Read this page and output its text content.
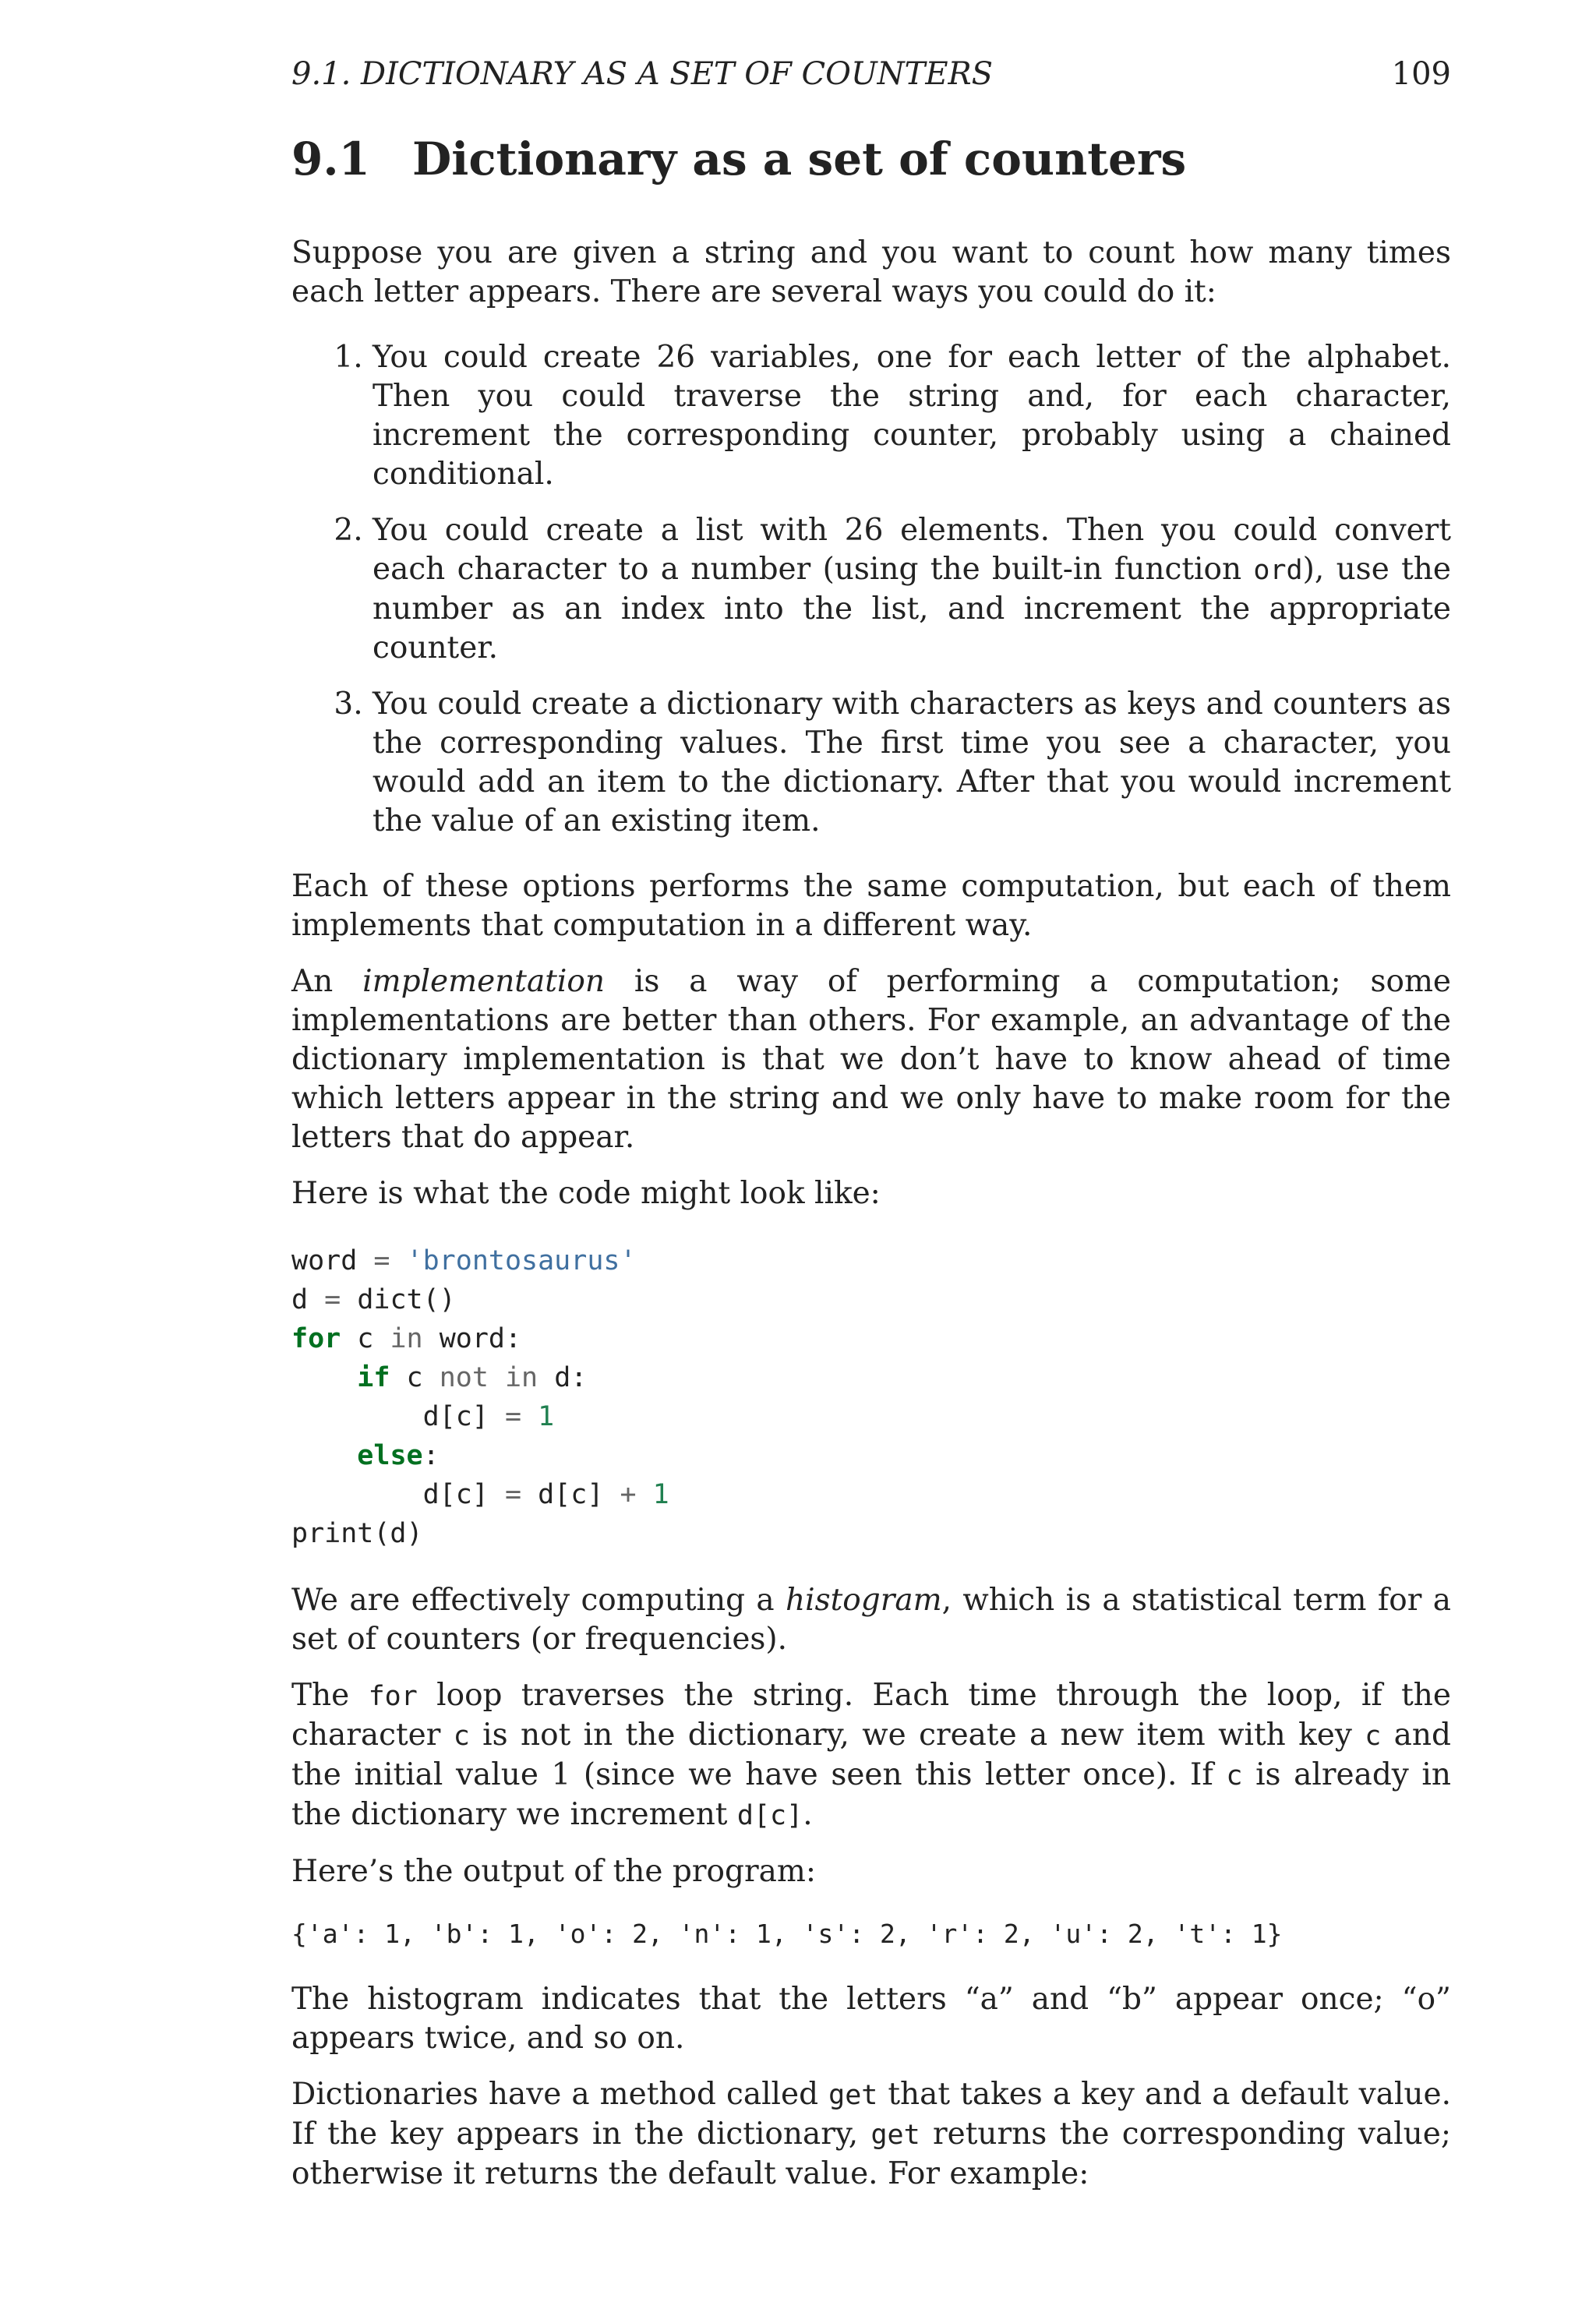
9.1. DICTIONARY AS A SET OF COUNTERS	109
9.1 Dictionary as a set of counters

Suppose you are given a string and you want to count how many times each letter appears. There are several ways you could do it:

1. You could create 26 variables, one for each letter of the alphabet. Then you could traverse the string and, for each character, increment the corresponding counter, probably using a chained conditional.
2. You could create a list with 26 elements. Then you could convert each character to a number (using the built-in function ord), use the number as an index into the list, and increment the appropriate counter.
3. You could create a dictionary with characters as keys and counters as the corresponding values. The first time you see a character, you would add an item to the dictionary. After that you would increment the value of an existing item.

Each of these options performs the same computation, but each of them implements that computation in a different way.

An implementation is a way of performing a computation; some implementations are better than others. For example, an advantage of the dictionary implementation is that we don’t have to know ahead of time which letters appear in the string and we only have to make room for the letters that do appear.

Here is what the code might look like:

word = 'brontosaurus'
d = dict()
for c in word:
if c not in d:
d[c] = 1
else:
d[c] = d[c] + 1
print(d)

We are effectively computing a histogram, which is a statistical term for a set of counters (or frequencies).

The for loop traverses the string. Each time through the loop, if the character c is not in the dictionary, we create a new item with key c and the initial value 1 (since we have seen this letter once). If c is already in the dictionary we increment d[c].

Here’s the output of the program:

{'a': 1, 'b': 1, 'o': 2, 'n': 1, 's': 2, 'r': 2, 'u': 2, 't': 1}

The histogram indicates that the letters “a” and “b” appear once; “o” appears twice, and so on.

Dictionaries have a method called get that takes a key and a default value. If the key appears in the dictionary, get returns the corresponding value; otherwise it returns the default value. For example:
